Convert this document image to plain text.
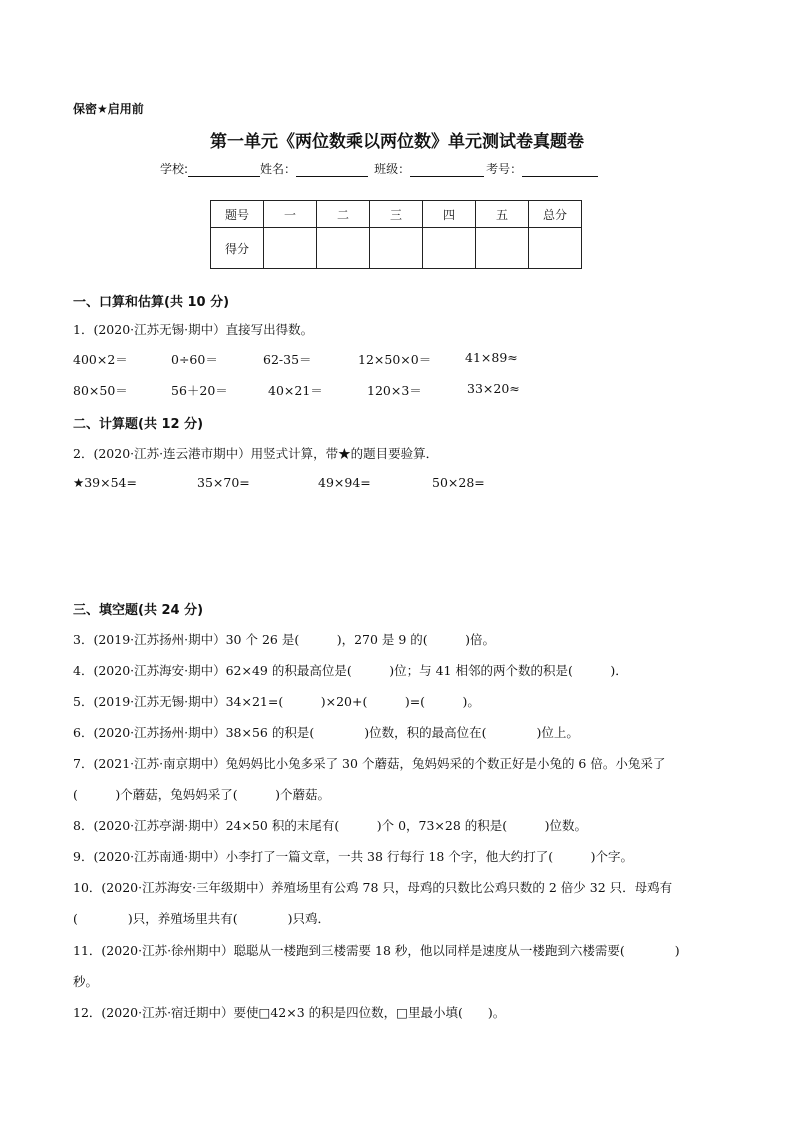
保密★启用前
第一单元《两位数乘以两位数》单元测试卷真题卷
学校:	姓名：	班级：	考号：
题号	一	二	三	四	五	总分
得分						
一、口算和估算(共 10 分)
1．(2020·江苏无锡·期中）直接写出得数。
400×2＝	0÷60＝	62-35＝	12×50×0＝	41×89≈
80×50＝	56＋20＝	40×21＝	120×3＝	33×20≈
二、计算题(共 12 分)
2．(2020·江苏·连云港市期中）用竖式计算，带★的题目要验算．
★39×54=	35×70=	49×94=	50×28=
三、填空题(共 24 分)
3．(2019·江苏扬州·期中）30 个 26 是(　　　)，270 是 9 的(　　　)倍。
4．(2020·江苏海安·期中）62×49 的积最高位是(　　　)位；与 41 相邻的两个数的积是(　　　)．
5．(2019·江苏无锡·期中）34×21=(　　　)×20+(　　　)=(　　　)。
6．(2020·江苏扬州·期中）38×56 的积是(　　　　)位数，积的最高位在(　　　　)位上。
7．(2021·江苏·南京期中）兔妈妈比小兔多采了 30 个蘑菇，兔妈妈采的个数正好是小兔的 6 倍。小兔采了
(　　　)个蘑菇，兔妈妈采了(　　　)个蘑菇。
8．(2020·江苏亭湖·期中）24×50 积的末尾有(　　　)个 0，73×28 的积是(　　　)位数。
9．(2020·江苏南通·期中）小李打了一篇文章，一共 38 行每行 18 个字，他大约打了(　　　)个字。
10．(2020·江苏海安·三年级期中）养殖场里有公鸡 78 只，母鸡的只数比公鸡只数的 2 倍少 32 只．母鸡有
(　　　　)只，养殖场里共有(　　　　)只鸡．
11．(2020·江苏·徐州期中）聪聪从一楼跑到三楼需要 18 秒，他以同样是速度从一楼跑到六楼需要(　　　　)
秒。
12．(2020·江苏·宿迁期中）要使□42×3 的积是四位数，□里最小填(　　)。
